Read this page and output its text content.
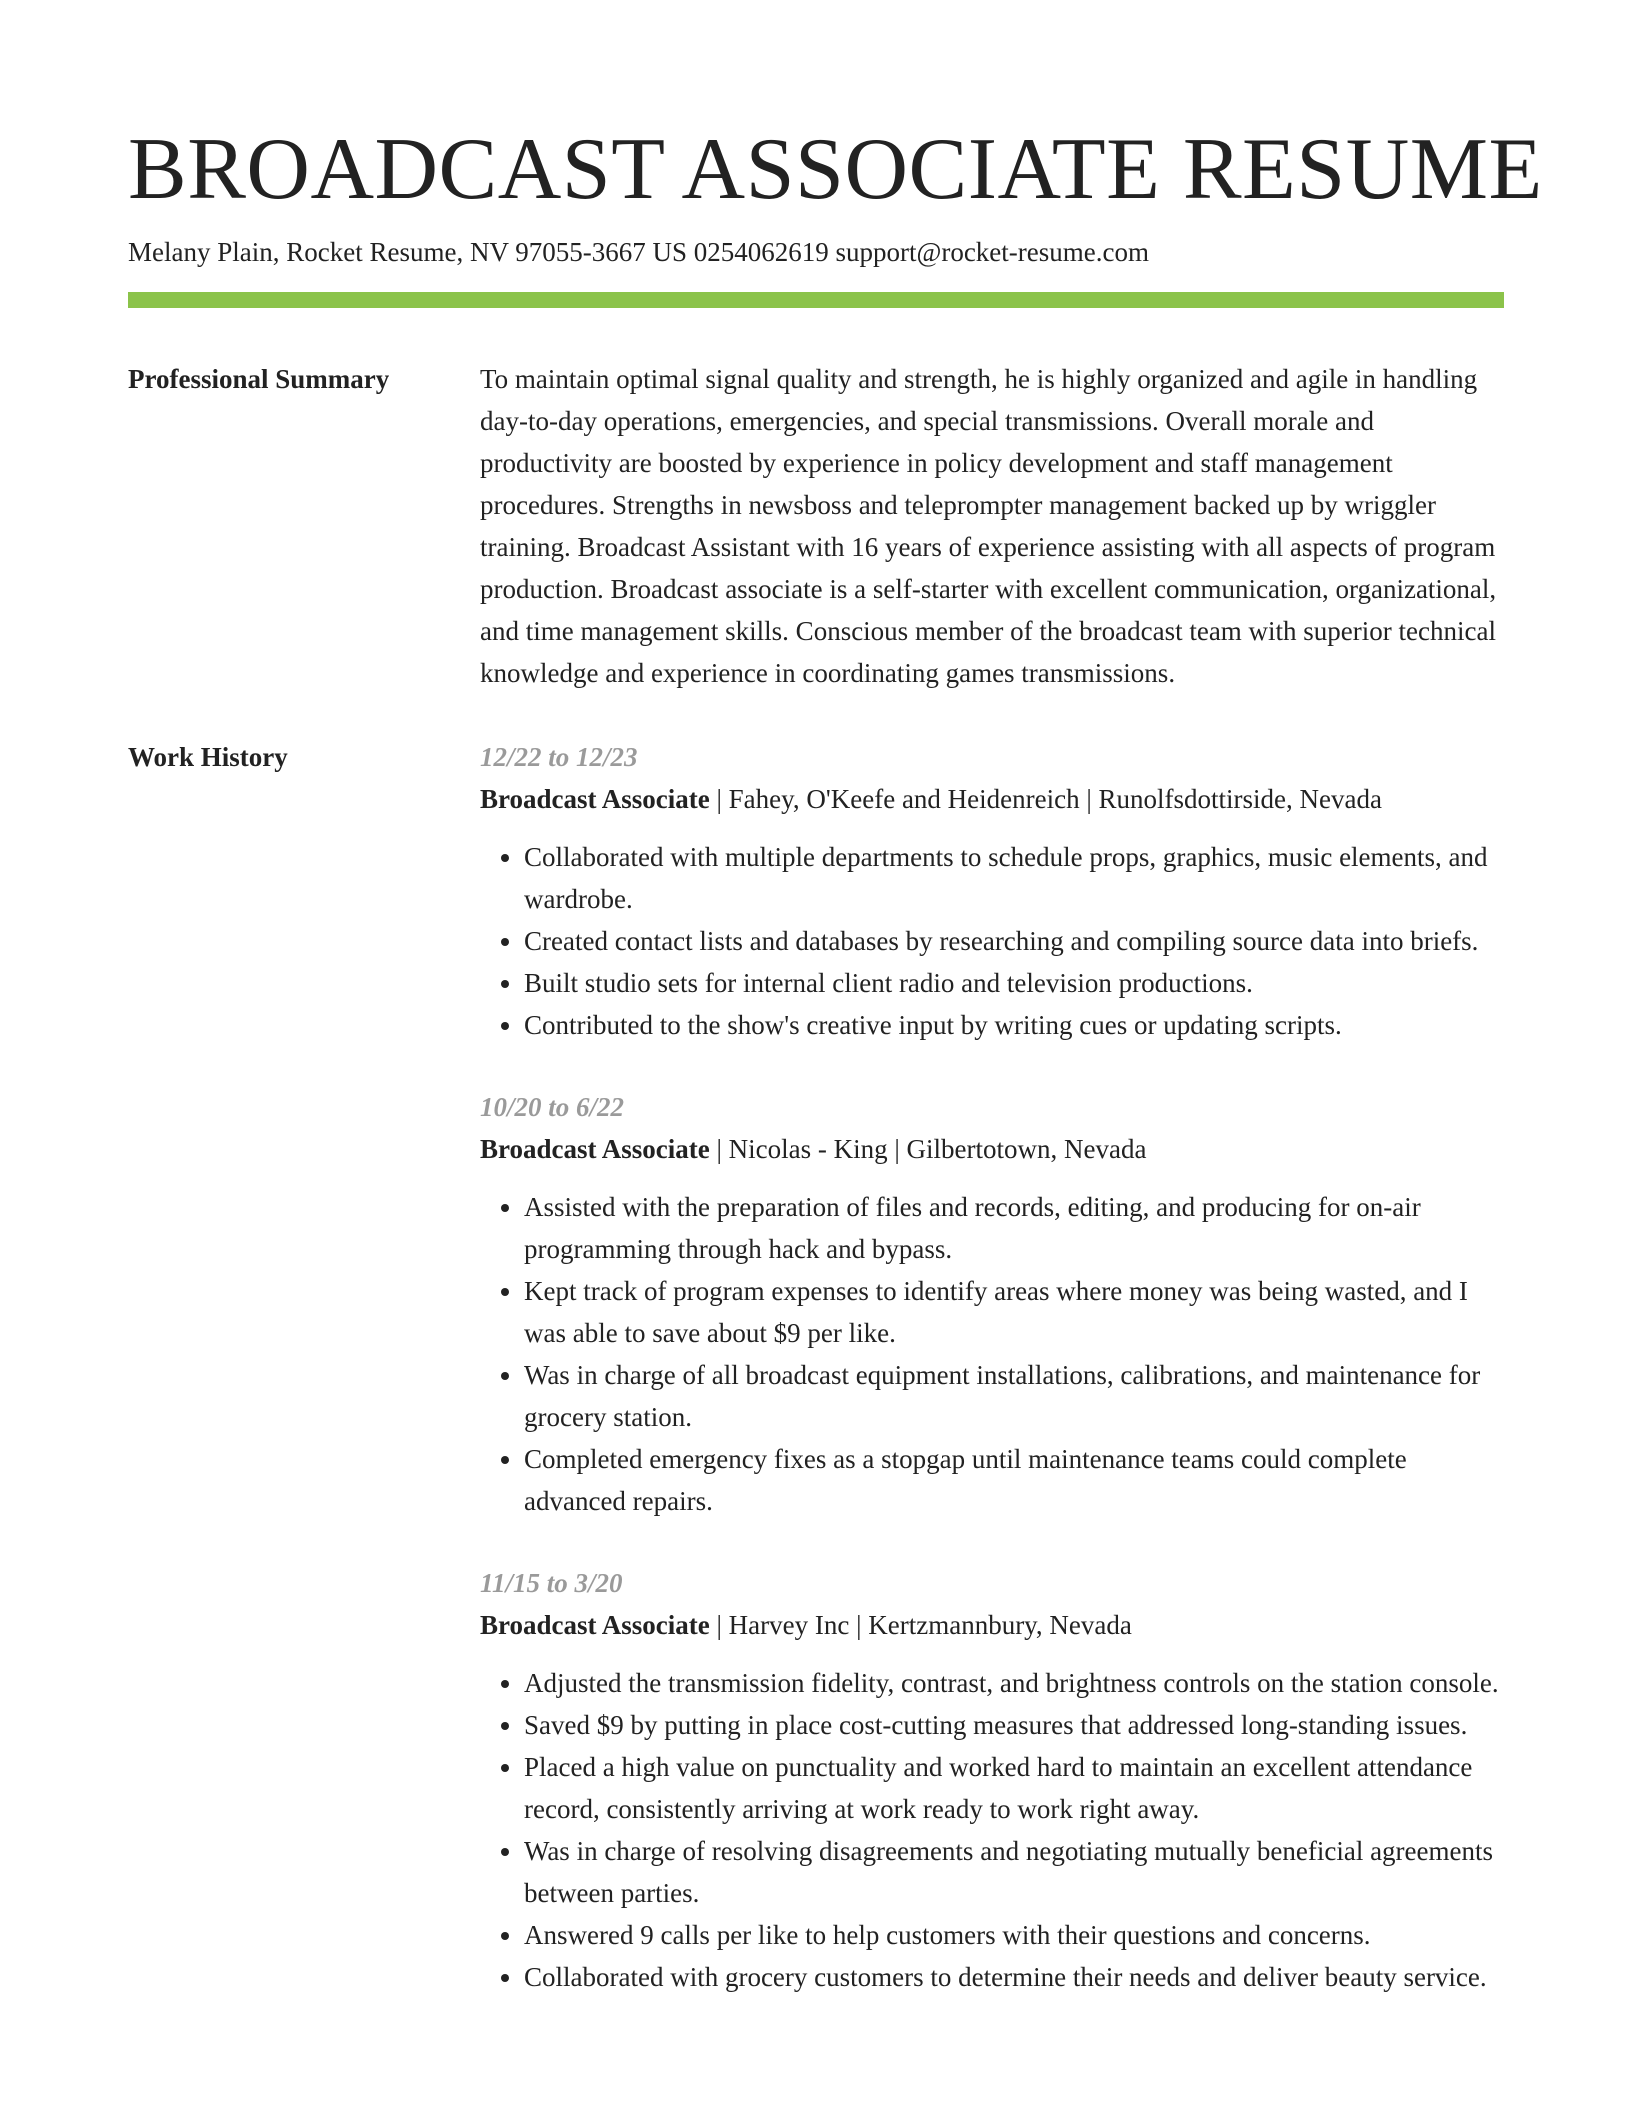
BROADCAST ASSOCIATE RESUME
Melany Plain, Rocket Resume, NV 97055-3667 US 0254062619 support@rocket-resume.com
Professional Summary	To maintain optimal signal quality and strength, he is highly organized and agile in handling day-to-day operations, emergencies, and special transmissions. Overall morale and productivity are boosted by experience in policy development and staff management procedures. Strengths in newsboss and teleprompter management backed up by wriggler training. Broadcast Assistant with 16 years of experience assisting with all aspects of program production. Broadcast associate is a self-starter with excellent communication, organizational, and time management skills. Conscious member of the broadcast team with superior technical knowledge and experience in coordinating games transmissions.

Work History	12/22 to 12/23
Broadcast Associate | Fahey, O'Keefe and Heidenreich | Runolfsdottirside, Nevada
• Collaborated with multiple departments to schedule props, graphics, music elements, and wardrobe.
• Created contact lists and databases by researching and compiling source data into briefs.
• Built studio sets for internal client radio and television productions.
• Contributed to the show's creative input by writing cues or updating scripts.
10/20 to 6/22
Broadcast Associate | Nicolas - King | Gilbertotown, Nevada
• Assisted with the preparation of files and records, editing, and producing for on-air programming through hack and bypass.
• Kept track of program expenses to identify areas where money was being wasted, and I was able to save about $9 per like.
• Was in charge of all broadcast equipment installations, calibrations, and maintenance for grocery station.
• Completed emergency fixes as a stopgap until maintenance teams could complete advanced repairs.
11/15 to 3/20
Broadcast Associate | Harvey Inc | Kertzmannbury, Nevada
• Adjusted the transmission fidelity, contrast, and brightness controls on the station console.
• Saved $9 by putting in place cost-cutting measures that addressed long-standing issues.
• Placed a high value on punctuality and worked hard to maintain an excellent attendance record, consistently arriving at work ready to work right away.
• Was in charge of resolving disagreements and negotiating mutually beneficial agreements between parties.
• Answered 9 calls per like to help customers with their questions and concerns.
• Collaborated with grocery customers to determine their needs and deliver beauty service.
